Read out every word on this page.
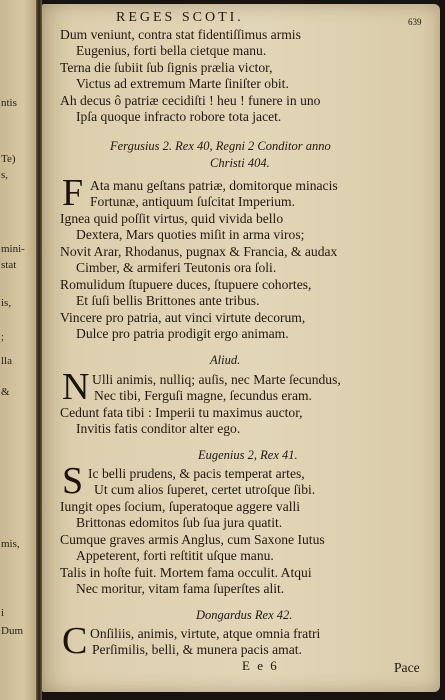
ntis
Te)
s,
mini-
stat
is,
;
lla
&
mis,
i
Dum
REGES SCOTI.	639
Dum veniunt, contra stat fidentiſſimus armis
Eugenius, forti bella cietque manu.
Terna die ſubiit ſub ſignis prælia victor,
Victus ad extremum Marte ſiniſter obit.
Ah decus ô patriæ cecidiſti ! heu ! funere in uno
Ipſa quoque infracto robore tota jacet.
Fergusius 2. Rex 40, Regni 2 Conditor anno
Christi 404.
F Ata manu geſtans patriæ, domitorque minacis
Fortunæ, antiquum ſuſcitat Imperium.
Ignea quid poſſit virtus, quid vivida bello
Dextera, Mars quoties miſit in arma viros;
Novit Arar, Rhodanus, pugnax & Francia, & audax
Cimber, & armiferi Teutonis ora ſoli.
Romulidum ſtupuere duces, ſtupuere cohortes,
Et ſuſi bellis Brittones ante tribus.
Vincere pro patria, aut vinci virtute decorum,
Dulce pro patria prodigit ergo animam.
Aliud.
N Ulli animis, nulliq; auſis, nec Marte ſecundus,
Nec tibi, Ferguſi magne, ſecundus eram.
Cedunt fata tibi : Imperii tu maximus auctor,
Invitis fatis conditor alter ego.
Eugenius 2, Rex 41.
S Ic belli prudens, & pacis temperat artes,
Ut cum alios ſuperet, certet utroſque ſibi.
Iungit opes ſocium, ſuperatoque aggere valli
Brittonas edomitos ſub ſua jura quatit.
Cumque graves armis Anglus, cum Saxone Iutus
Appeterent, forti reſtitit uſque manu.
Talis in hoſte fuit. Mortem fama occulit. Atqui
Nec moritur, vitam fama ſuperſtes alit.
Dongardus Rex 42.
C Onſiliis, animis, virtute, atque omnia fratri
Perſimilis, belli, & munera pacis amat.
E e 6	Pace
